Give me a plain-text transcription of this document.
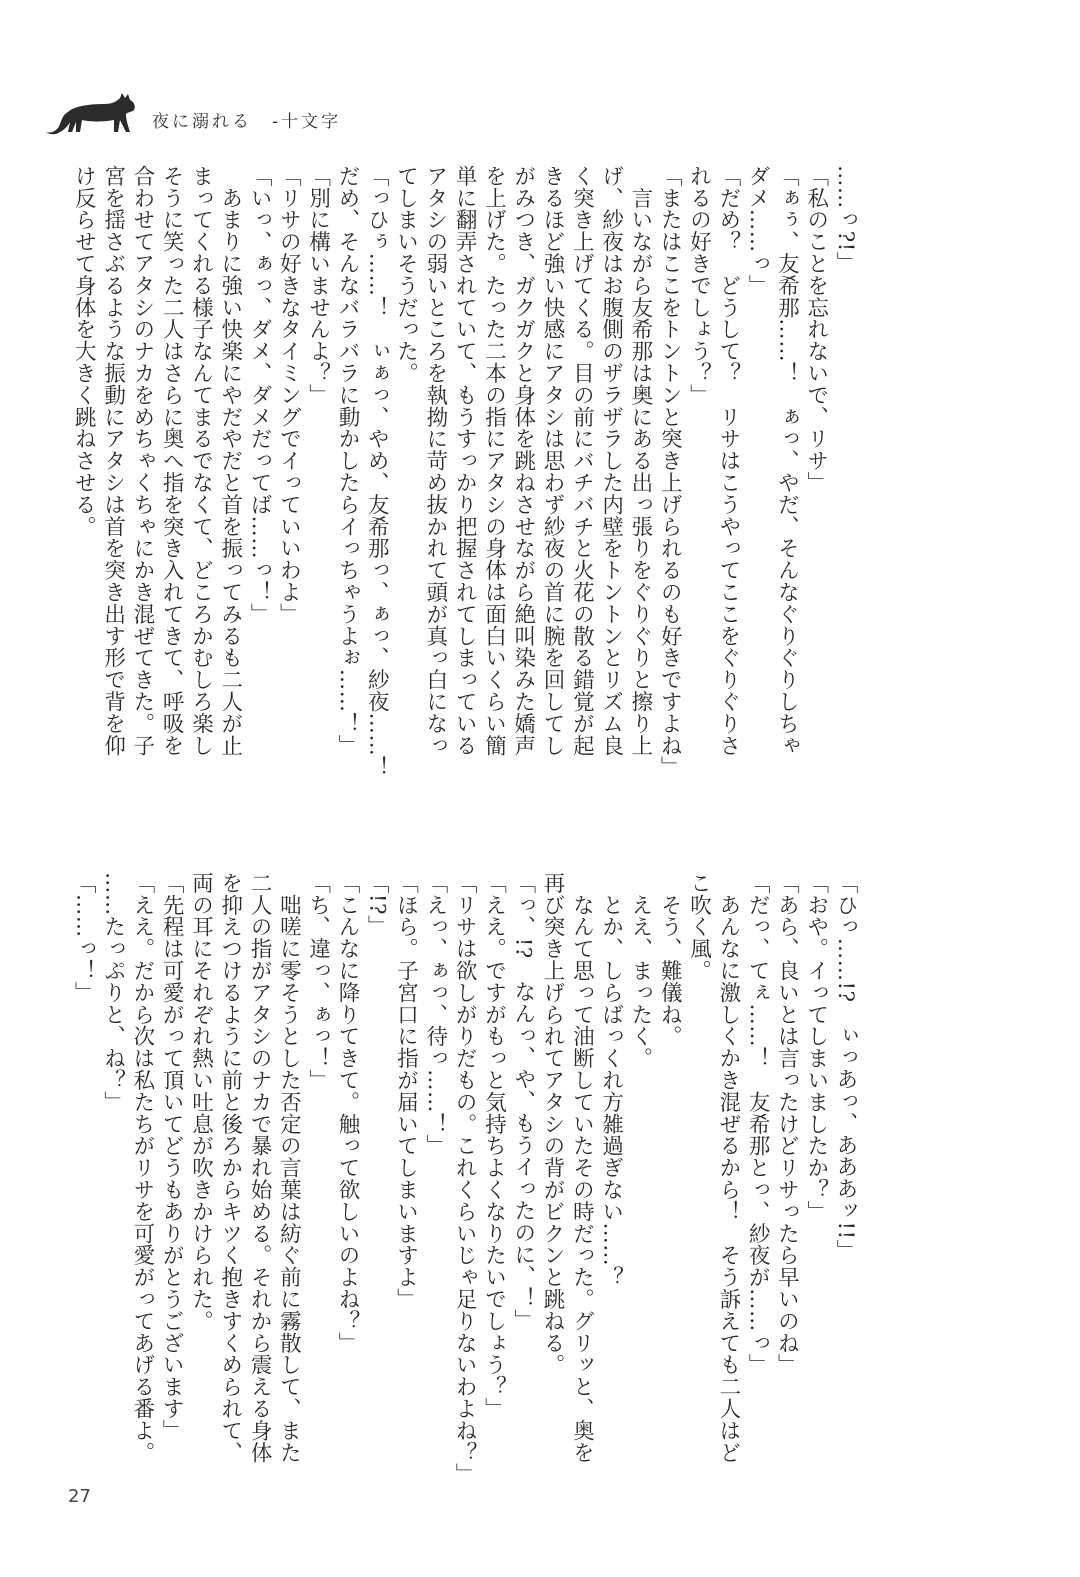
夜に溺れる　-十文字
……っ?!」
「私のことを忘れないで、リサ」
「ぁぅ、友希那……！　ぁっ、やだ、そんなぐりぐりしちゃ
ダメ……っ」
「だめ？　どうして？　リサはこうやってここをぐりぐりさ
れるの好きでしょう？」
「またはここをトントンと突き上げられるのも好きですよね」
　言いながら友希那は奥にある出っ張りをぐりぐりと擦り上
げ、紗夜はお腹側のザラザラした内壁をトントンとリズム良
く突き上げてくる。目の前にバチバチと火花の散る錯覚が起
きるほど強い快感にアタシは思わず紗夜の首に腕を回してし
がみつき、ガクガクと身体を跳ねさせながら絶叫染みた嬌声
を上げた。たった二本の指にアタシの身体は面白いくらい簡
単に翻弄されていて、もうすっかり把握されてしまっている
アタシの弱いところを執拗に苛め抜かれて頭が真っ白になっ
てしまいそうだった。
「っひぅ……！　ぃぁっ、やめ、友希那っ、ぁっ、紗夜……！
だめ、そんなバラバラに動かしたらイっちゃうよぉ……！」
「別に構いませんよ？」
「リサの好きなタイミングでイっていいわよ」
「いっ、ぁっ、ダメ、ダメだってば……っ！」
　あまりに強い快楽にやだやだと首を振ってみるも二人が止
まってくれる様子なんてまるでなくて、どころかむしろ楽し
そうに笑った二人はさらに奥へ指を突き入れてきて、呼吸を
合わせてアタシのナカをめちゃくちゃにかき混ぜてきた。子
宮を揺さぶるような振動にアタシは首を突き出す形で背を仰
け反らせて身体を大きく跳ねさせる。
「ひっ……!?　ぃっあっ、あああッ!!」
「おや。イってしまいましたか？」
「あら、良いとは言ったけどリサったら早いのね」
「だっ、てぇ……！　友希那とっ、紗夜が……っ」
　あんなに激しくかき混ぜるから！　そう訴えても二人はど
こ吹く風。
　そう、難儀ね。
　ええ、まったく。
　とか、しらばっくれ方雑過ぎない……？
　なんて思って油断していたその時だった。グリッと、奥を
再び突き上げられてアタシの背がビクンと跳ねる。
「っ、!?　なんっ、や、もうイったのに、！」
「ええ。ですがもっと気持ちよくなりたいでしょう？」
「リサは欲しがりだもの。これくらいじゃ足りないわよね？」
「えっ、ぁっ、待っ……！」
「ほら。子宮口に指が届いてしまいますよ」
「!?」
「こんなに降りてきて。触って欲しいのよね？」
「ち、違っ、ぁっ！」
　咄嗟に零そうとした否定の言葉は紡ぐ前に霧散して、また
二人の指がアタシのナカで暴れ始める。それから震える身体
を抑えつけるように前と後ろからキツく抱きすくめられて、
両の耳にそれぞれ熱い吐息が吹きかけられた。
「先程は可愛がって頂いてどうもありがとうございます」
「ええ。だから次は私たちがリサを可愛がってあげる番よ。
……たっぷりと、ね？」
「……っ！」
27
